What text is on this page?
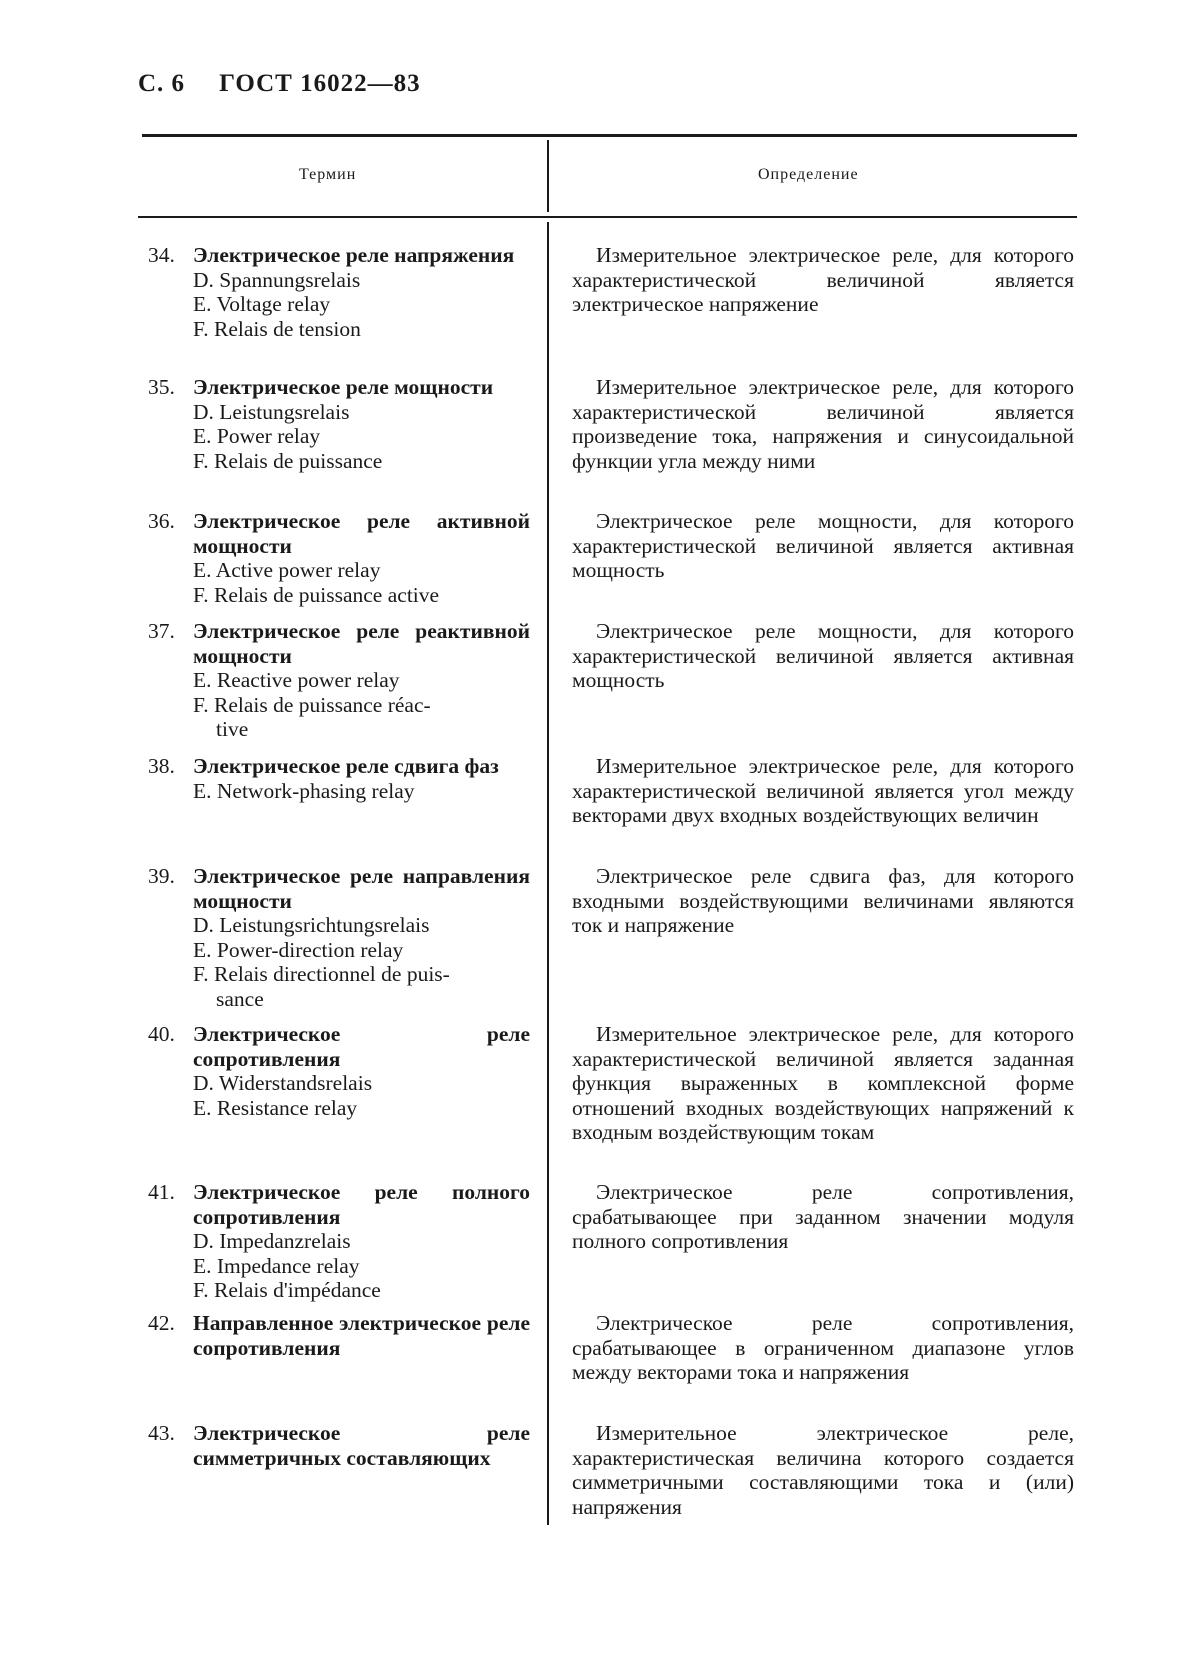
С. 6 ГОСТ 16022—83
Термин	Определение
34. Электрическое реле напряжения
D. Spannungsrelais
E. Voltage relay
F. Relais de tension
Измерительное электрическое реле, для которого характеристической величиной является электрическое напряжение
35. Электрическое реле мощности
D. Leistungsrelais
E. Power relay
F. Relais de puissance
Измерительное электрическое реле, для которого характеристической величиной является произведение тока, напряжения и синусоидальной функции угла между ними
36. Электрическое реле активной мощности
E. Active power relay
F. Relais de puissance active
Электрическое реле мощности, для которого характеристической величиной является активная мощность
37. Электрическое реле реактивной мощности
E. Reactive power relay
F. Relais de puissance réac-
tive
Электрическое реле мощности, для которого характеристической величиной является активная мощность
38. Электрическое реле сдвига фаз
E. Network-phasing relay
Измерительное электрическое реле, для которого характеристической величиной является угол между векторами двух входных воздействующих величин
39. Электрическое реле направления мощности
D. Leistungsrichtungsrelais
E. Power-direction relay
F. Relais directionnel de puis-
sance
Электрическое реле сдвига фаз, для которого входными воздействующими величинами являются ток и напряжение
40. Электрическое реле сопротивления
D. Widerstandsrelais
E. Resistance relay
Измерительное электрическое реле, для которого характеристической величиной является заданная функция выраженных в комплексной форме отношений входных воздействующих напряжений к входным воздействующим токам
41. Электрическое реле полного сопротивления
D. Impedanzrelais
E. Impedance relay
F. Relais d'impédance
Электрическое реле сопротивления, срабатывающее при заданном значении модуля полного сопротивления
42. Направленное электрическое реле сопротивления
Электрическое реле сопротивления, срабатывающее в ограниченном диапазоне углов между векторами тока и напряжения
43. Электрическое реле симметричных составляющих
Измерительное электрическое реле, характеристическая величина которого создается симметричными составляющими тока и (или) напряжения
